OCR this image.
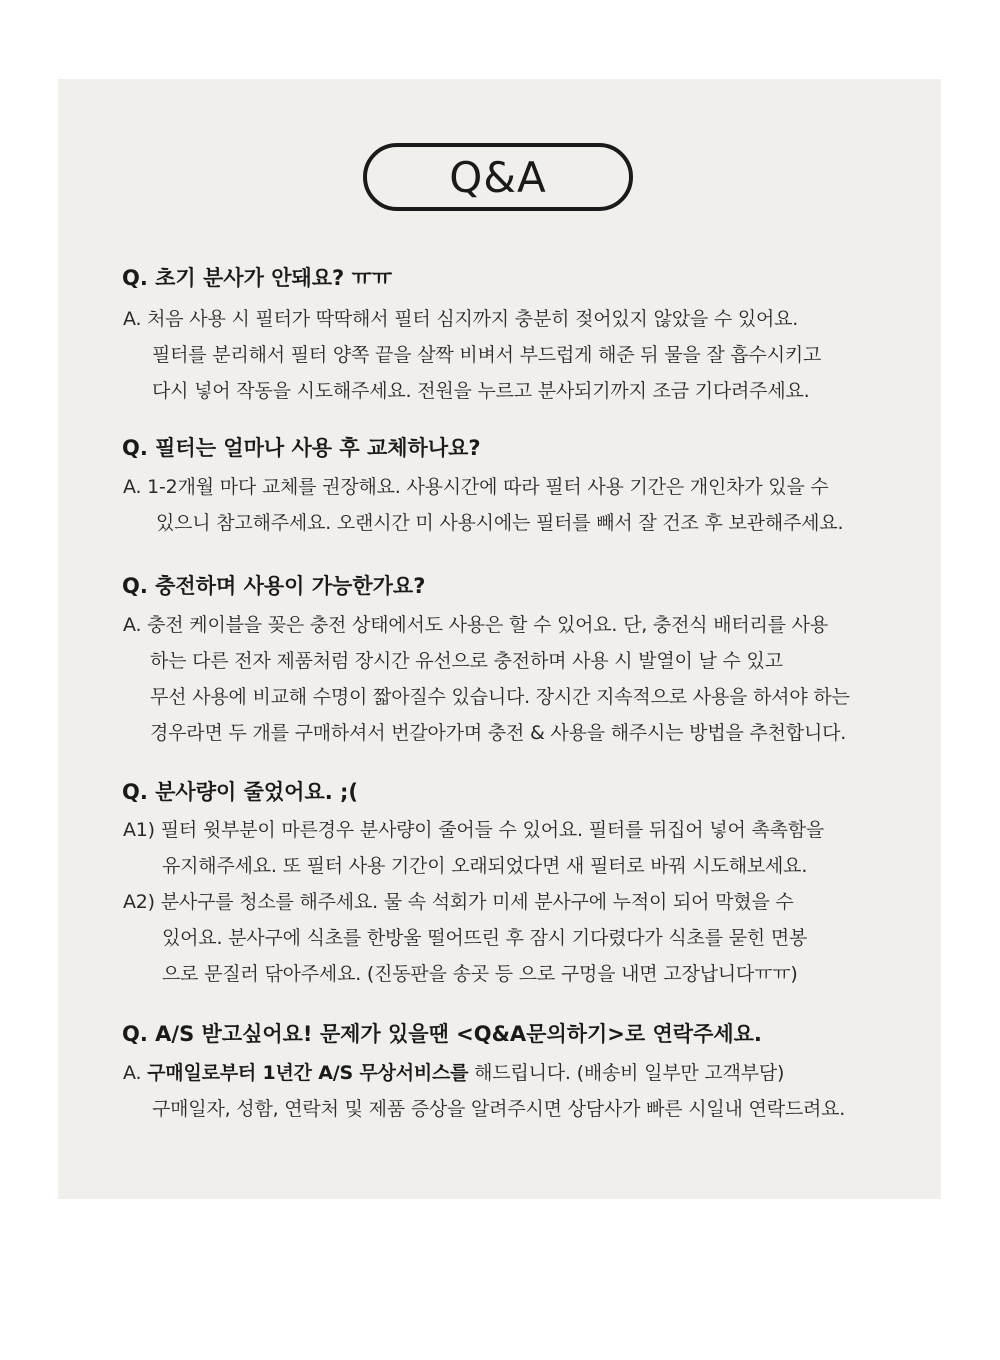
Q&A
Q. 초기 분사가 안돼요? ㅠㅠ
A. 처음 사용 시 필터가 딱딱해서 필터 심지까지 충분히 젖어있지 않았을 수 있어요.
필터를 분리해서 필터 양쪽 끝을 살짝 비벼서 부드럽게 해준 뒤 물을 잘 흡수시키고
다시 넣어 작동을 시도해주세요. 전원을 누르고 분사되기까지 조금 기다려주세요.
Q. 필터는 얼마나 사용 후 교체하나요?
A. 1-2개월 마다 교체를 권장해요. 사용시간에 따라 필터 사용 기간은 개인차가 있을 수
있으니 참고해주세요. 오랜시간 미 사용시에는 필터를 빼서 잘 건조 후 보관해주세요.
Q. 충전하며 사용이 가능한가요?
A. 충전 케이블을 꽂은 충전 상태에서도 사용은 할 수 있어요. 단, 충전식 배터리를 사용
하는 다른 전자 제품처럼 장시간 유선으로 충전하며 사용 시 발열이 날 수 있고
무선 사용에 비교해 수명이 짧아질수 있습니다. 장시간 지속적으로 사용을 하셔야 하는
경우라면 두 개를 구매하셔서 번갈아가며 충전 & 사용을 해주시는 방법을 추천합니다.
Q. 분사량이 줄었어요. ;(
A1) 필터 윗부분이 마른경우 분사량이 줄어들 수 있어요. 필터를 뒤집어 넣어 촉촉함을
유지해주세요. 또 필터 사용 기간이 오래되었다면 새 필터로 바꿔 시도해보세요.
A2) 분사구를 청소를 해주세요. 물 속 석회가 미세 분사구에 누적이 되어 막혔을 수
있어요. 분사구에 식초를 한방울 떨어뜨린 후 잠시 기다렸다가 식초를 묻힌 면봉
으로 문질러 닦아주세요. (진동판을 송곳 등 으로 구멍을 내면 고장납니다ㅠㅠ)
Q. A/S 받고싶어요! 문제가 있을땐 <Q&A문의하기>로 연락주세요.
A. 구매일로부터 1년간 A/S 무상서비스를 해드립니다. (배송비 일부만 고객부담)
구매일자, 성함, 연락처 및 제품 증상을 알려주시면 상담사가 빠른 시일내 연락드려요.
